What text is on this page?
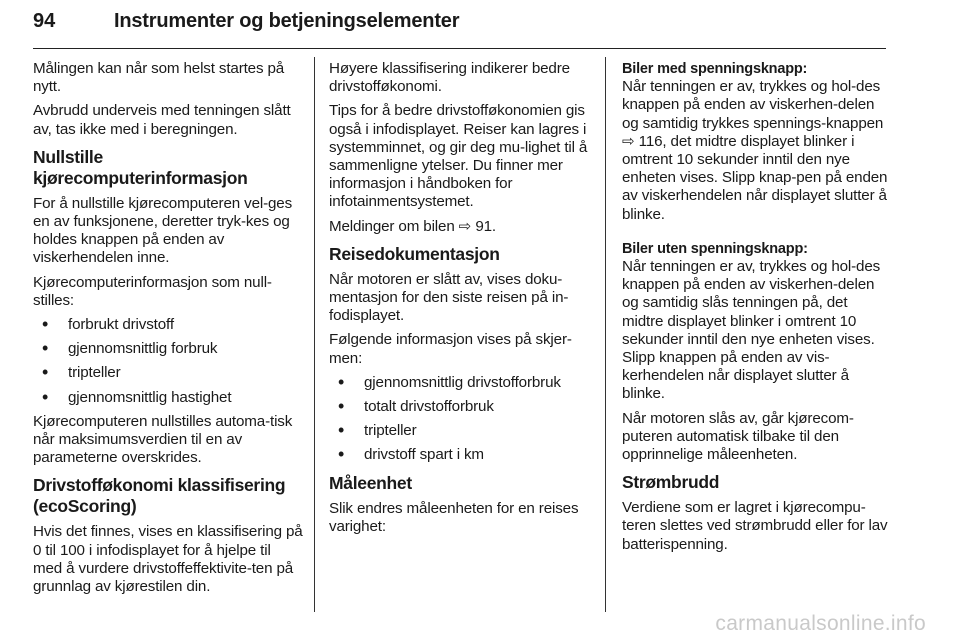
94	Instrumenter og betjeningselementer

Målingen kan når som helst startes på nytt.

Avbrudd underveis med tenningen slått av, tas ikke med i beregningen.

Nullstille kjørecomputerinformasjon

For å nullstille kjørecomputeren vel-ges en av funksjonene, deretter tryk-kes og holdes knappen på enden av viskerhendelen inne.

Kjørecomputerinformasjon som null-stilles:

• forbrukt drivstoff
• gjennomsnittlig forbruk
• tripteller
• gjennomsnittlig hastighet

Kjørecomputeren nullstilles automa-tisk når maksimumsverdien til en av parameterne overskrides.

Drivstofføkonomi klassifisering (ecoScoring)

Hvis det finnes, vises en klassifisering på 0 til 100 i infodisplayet for å hjelpe til med å vurdere drivstoffeffektivite-ten på grunnlag av kjørestilen din.

Høyere klassifisering indikerer bedre drivstofføkonomi.

Tips for å bedre drivstofføkonomien gis også i infodisplayet. Reiser kan lagres i systemminnet, og gir deg mu-lighet til å sammenligne ytelser. Du finner mer informasjon i håndboken for infotainmentsystemet.

Meldinger om bilen ⇨ 91.

Reisedokumentasjon

Når motoren er slått av, vises doku-mentasjon for den siste reisen på in-fodisplayet.

Følgende informasjon vises på skjer-men:

• gjennomsnittlig drivstofforbruk
• totalt drivstofforbruk
• tripteller
• drivstoff spart i km
Måleenhet

Slik endres måleenheten for en reises varighet:

Biler med spenningsknapp:

Når tenningen er av, trykkes og hol-des knappen på enden av viskerhen-delen og samtidig trykkes spennings-knappen ⇨ 116, det midtre displayet blinker i omtrent 10 sekunder inntil den nye enheten vises. Slipp knap-pen på enden av viskerhendelen når displayet slutter å blinke.

Biler uten spenningsknapp:

Når tenningen er av, trykkes og hol-des knappen på enden av viskerhen-delen og samtidig slås tenningen på, det midtre displayet blinker i omtrent 10 sekunder inntil den nye enheten vises. Slipp knappen på enden av vis-kerhendelen når displayet slutter å blinke.

Når motoren slås av, går kjørecom-puteren automatisk tilbake til den opprinnelige måleenheten.

Strømbrudd

Verdiene som er lagret i kjørecompu-teren slettes ved strømbrudd eller for lav batterispenning.

carmanualsonline.info
